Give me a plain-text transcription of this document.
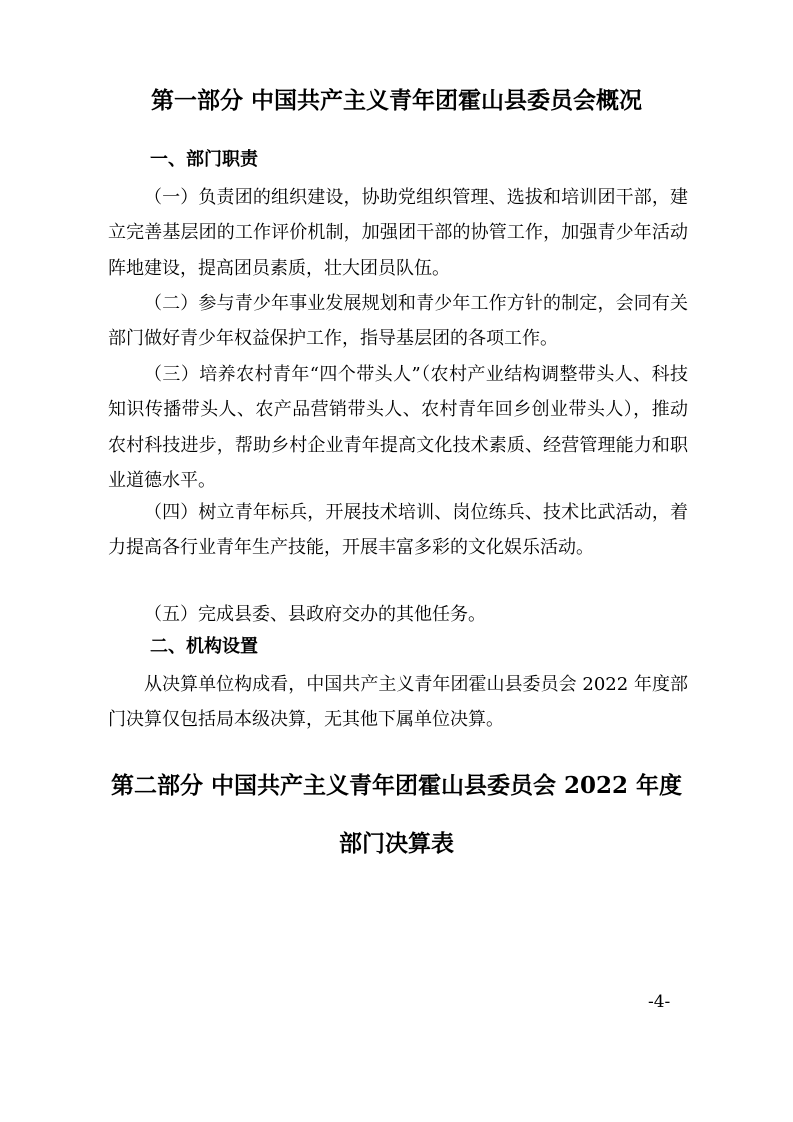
第一部分 中国共产主义青年团霍山县委员会概况
一、部门职责

（一）负责团的组织建设，协助党组织管理、选拔和培训团干部，建立完善基层团的工作评价机制，加强团干部的协管工作，加强青少年活动阵地建设，提高团员素质，壮大团员队伍。

（二）参与青少年事业发展规划和青少年工作方针的制定，会同有关部门做好青少年权益保护工作，指导基层团的各项工作。

（三）培养农村青年“四个带头人”（农村产业结构调整带头人、科技知识传播带头人、农产品营销带头人、农村青年回乡创业带头人），推动农村科技进步，帮助乡村企业青年提高文化技术素质、经营管理能力和职业道德水平。

（四）树立青年标兵，开展技术培训、岗位练兵、技术比武活动，着力提高各行业青年生产技能，开展丰富多彩的文化娱乐活动。

（五）完成县委、县政府交办的其他任务。

二、机构设置

从决算单位构成看，中国共产主义青年团霍山县委员会 2022 年度部门决算仅包括局本级决算，无其他下属单位决算。

第二部分 中国共产主义青年团霍山县委员会 2022 年度
部门决算表
-4-
